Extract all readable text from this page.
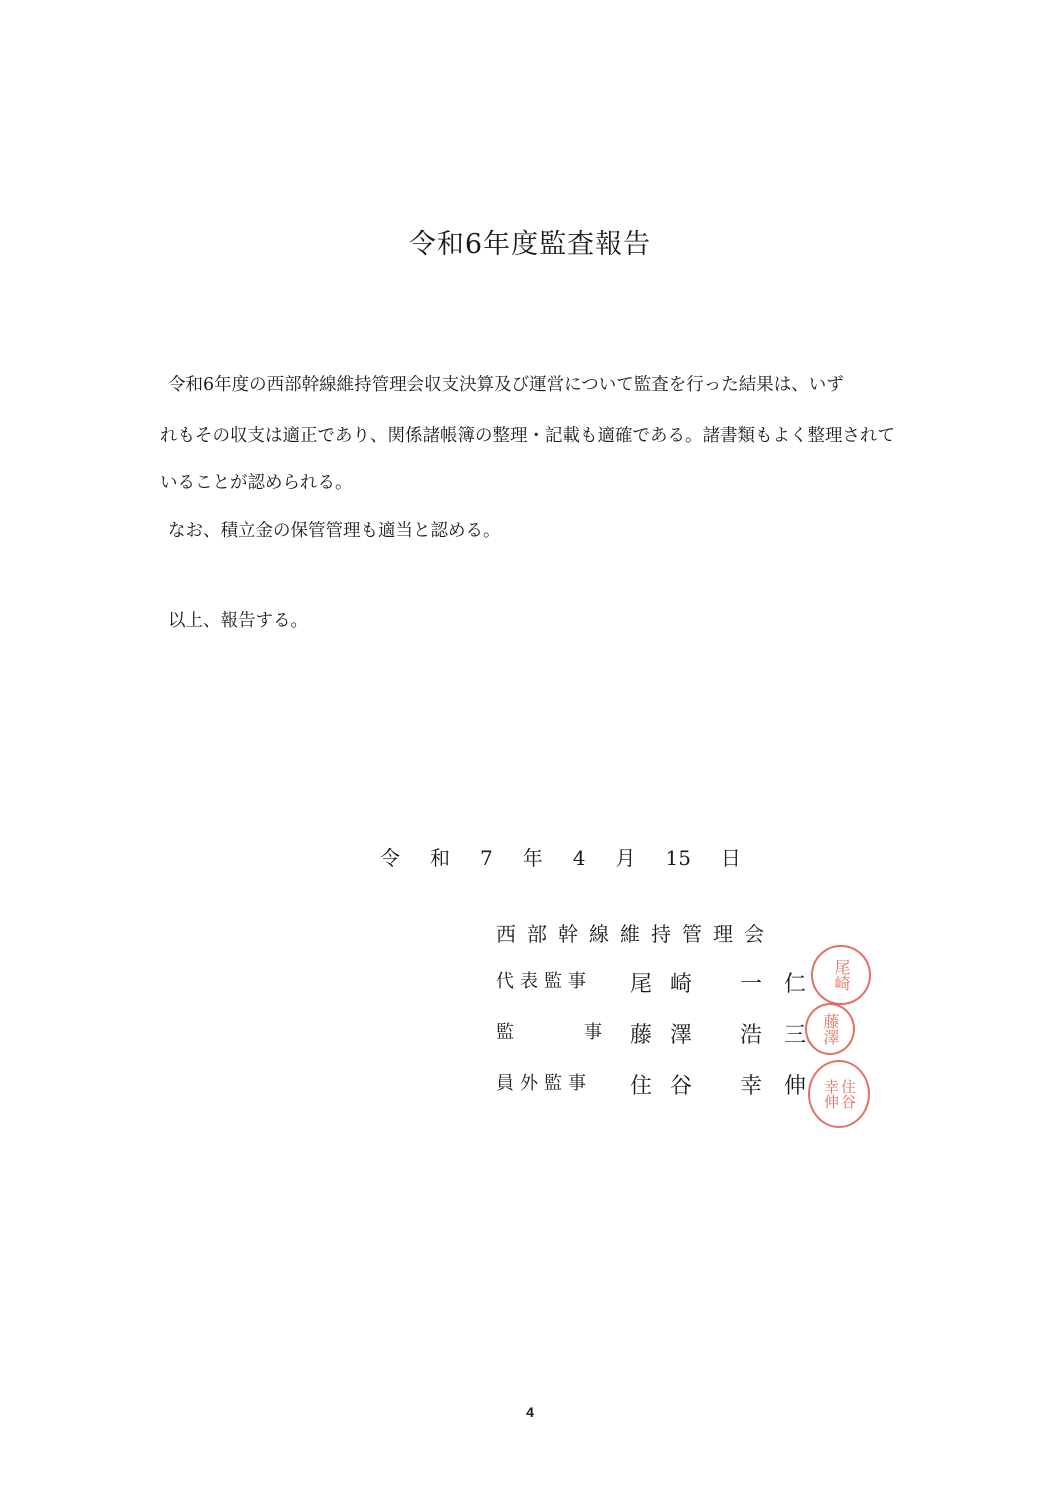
令和6年度監査報告
令和6年度の西部幹線維持管理会収支決算及び運営について監査を行った結果は、いず
れもその収支は適正であり、関係諸帳簿の整理・記載も適確である。諸書類もよく整理されて
いることが認められる。
なお、積立金の保管管理も適当と認める。
以上、報告する。
令 和 7 年 4 月 15 日
西部幹線維持管理会
代表監事 尾崎 一仁
監	事 藤澤 浩三
員外監事 住谷 幸伸
尾崎
藤澤
住谷幸伸
4
